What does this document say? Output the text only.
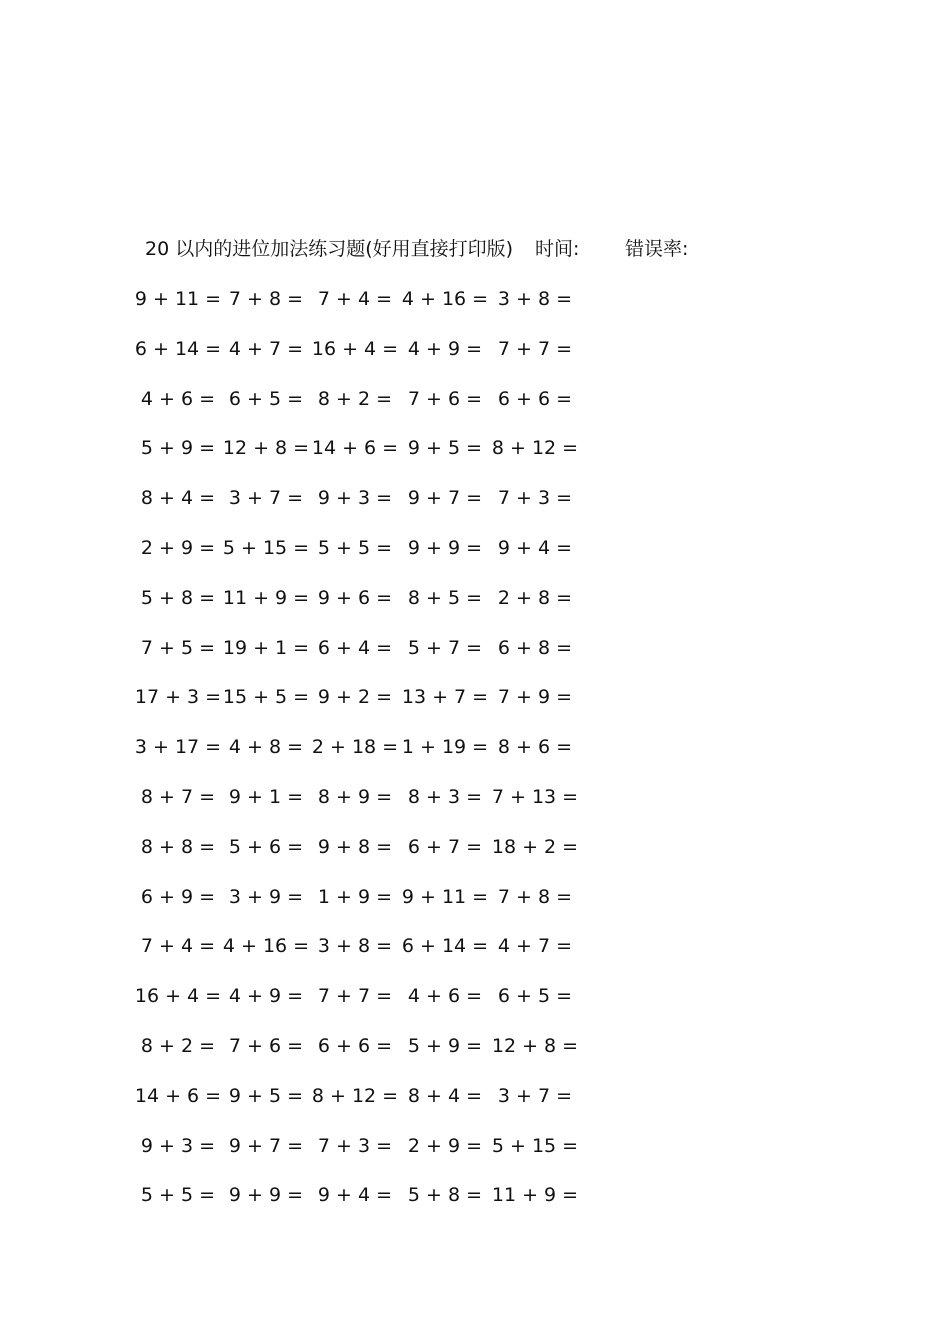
20 以内的进位加法练习题(好用直接打印版) 时间: 错误率:
9 + 11 = 7 + 8 = 7 + 4 = 4 + 16 = 3 + 8 =
6 + 14 = 4 + 7 = 16 + 4 = 4 + 9 = 7 + 7 =
4 + 6 = 6 + 5 = 8 + 2 = 7 + 6 = 6 + 6 =
5 + 9 = 12 + 8 = 14 + 6 = 9 + 5 = 8 + 12 =
8 + 4 = 3 + 7 = 9 + 3 = 9 + 7 = 7 + 3 =
2 + 9 = 5 + 15 = 5 + 5 = 9 + 9 = 9 + 4 =
5 + 8 = 11 + 9 = 9 + 6 = 8 + 5 = 2 + 8 =
7 + 5 = 19 + 1 = 6 + 4 = 5 + 7 = 6 + 8 =
17 + 3 = 15 + 5 = 9 + 2 = 13 + 7 = 7 + 9 =
3 + 17 = 4 + 8 = 2 + 18 = 1 + 19 = 8 + 6 =
8 + 7 = 9 + 1 = 8 + 9 = 8 + 3 = 7 + 13 =
8 + 8 = 5 + 6 = 9 + 8 = 6 + 7 = 18 + 2 =
6 + 9 = 3 + 9 = 1 + 9 = 9 + 11 = 7 + 8 =
7 + 4 = 4 + 16 = 3 + 8 = 6 + 14 = 4 + 7 =
16 + 4 = 4 + 9 = 7 + 7 = 4 + 6 = 6 + 5 =
8 + 2 = 7 + 6 = 6 + 6 = 5 + 9 = 12 + 8 =
14 + 6 = 9 + 5 = 8 + 12 = 8 + 4 = 3 + 7 =
9 + 3 = 9 + 7 = 7 + 3 = 2 + 9 = 5 + 15 =
5 + 5 = 9 + 9 = 9 + 4 = 5 + 8 = 11 + 9 =
